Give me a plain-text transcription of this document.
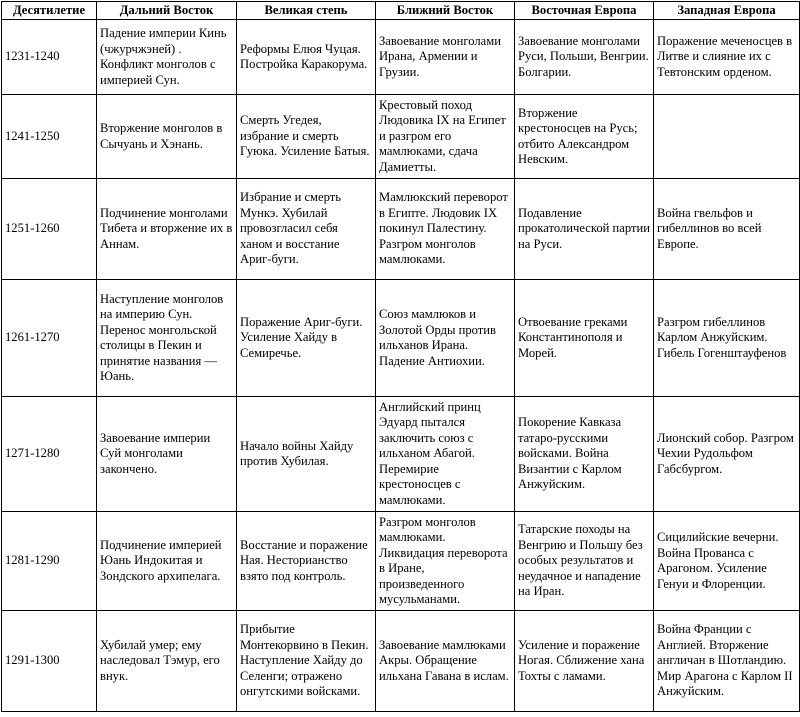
Десятилетие	Дальний Восток	Великая степь	Ближний Восток	Восточная Европа	Западная Европа
1231-1240	Падение империи Кинь (чжурчжэней) . Конфликт монголов с империей Сун.	Реформы Елюя Чуцая. Постройка Каракорума.	Завоевание монголами Ирана, Армении и Грузии.	Завоевание монголами Руси, Польши, Венгрии. Болгарии.	Поражение меченосцев в Литве и слияние их с Тевтонским орденом.
1241-1250	Вторжение монголов в Сычуань и Хэнань.	Смерть Угедея, избрание и смерть Гуюка. Усиление Батыя.	Крестовый поход Людовика IX на Египет и разгром его мамлюками, сдача Дамиетты.	Вторжение крестоносцев на Русь; отбито Александром Невским.	
1251-1260	Подчинение монголами Тибета и вторжение их в Аннам.	Избрание и смерть Мункэ. Хубилай провозгласил себя ханом и восстание Ариг-буги.	Мамлюкский переворот в Египте. Людовик IX покинул Палестину. Разгром монголов мамлюками.	Подавление прокатолической партии на Руси.	Война гвельфов и гибеллинов во всей Европе.
1261-1270	Наступление монголов на империю Сун. Перенос монгольской столицы в Пекин и принятие названия — Юань.	Поражение Ариг-буги. Усиление Хайду в Семиречье.	Союз мамлюков и Золотой Орды против ильханов Ирана. Падение Антиохии.	Отвоевание греками Константинополя и Морей.	Разгром гибеллинов Карлом Анжуйским. Гибель Гогенштауфенов
1271-1280	Завоевание империи Суй монголами закончено.	Начало войны Хайду против Хубилая.	Английский принц Эдуард пытался заключить союз с ильханом Абагой. Перемирие крестоносцев с мамлюками.	Покорение Кавказа татаро-русскими войсками. Война Византии с Карлом Анжуйским.	Лионский собор. Разгром Чехии Рудольфом Габсбургом.
1281-1290	Подчинение империей Юань Индокитая и Зондского архипелага.	Восстание и поражение Ная. Несторианство взято под контроль.	Разгром монголов мамлюками. Ликвидация переворота в Иране, произведенного мусульманами.	Татарские походы на Венгрию и Польшу без особых результатов и неудачное и нападение на Иран.	Сицилийские вечерни. Война Прованса с Арагоном. Усиление Генуи и Флоренции.
1291-1300	Хубилай умер; ему наследовал Тэмур, его внук.	Прибытие Монтекорвино в Пекин. Наступление Хайду до Селенги; отражено онгутскими войсками.	Завоевание мамлюками Акры. Обращение ильхана Гавана в ислам.	Усиление и поражение Ногая. Сближение хана Тохты с ламами.	Война Франции с Англией. Вторжение англичан в Шотландию. Мир Арагона с Карлом II Анжуйским.
